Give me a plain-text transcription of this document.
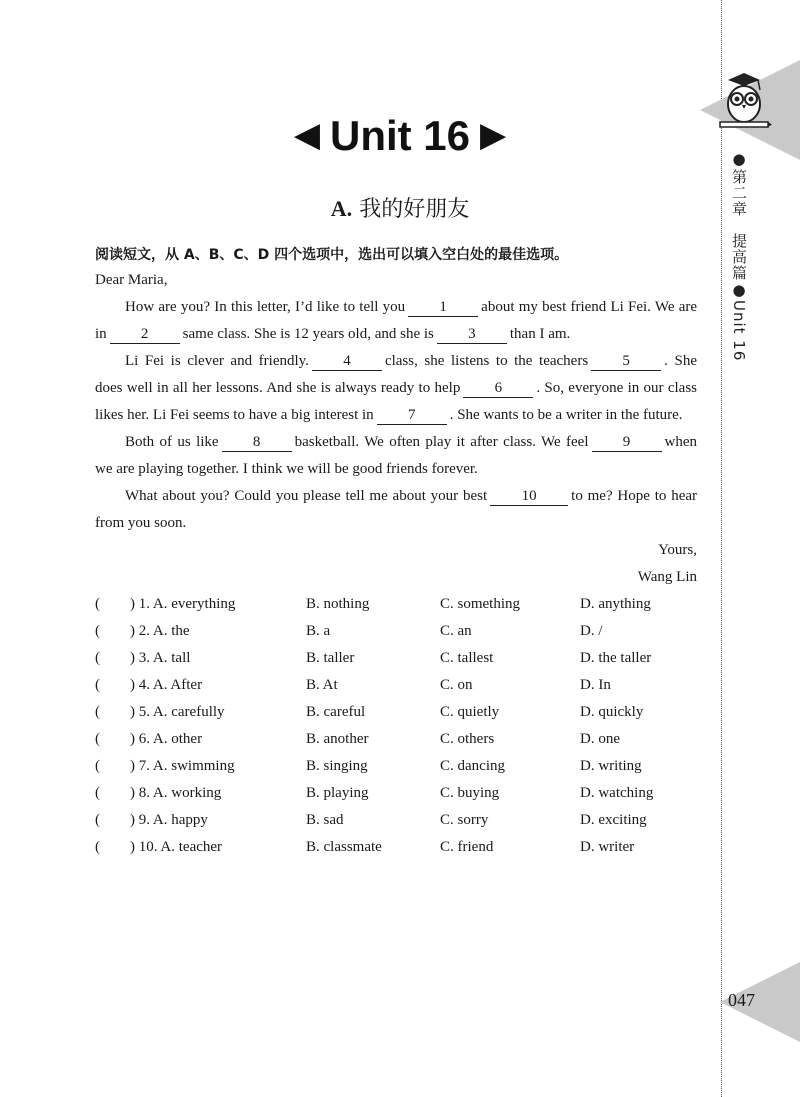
●第二章　提高篇●Unit 16
047
◀ Unit 16 ▶
A. 我的好朋友
阅读短文，从 A、B、C、D 四个选项中，选出可以填入空白处的最佳选项。

Dear Maria,

How are you? In this letter, I’d like to tell you 1 about my best friend Li Fei. We are in 2 same class. She is 12 years old, and she is 3 than I am.

Li Fei is clever and friendly. 4 class, she listens to the teachers 5 . She does well in all her lessons. And she is always ready to help 6 . So, everyone in our class likes her. Li Fei seems to have a big interest in 7 . She wants to be a writer in the future.

Both of us like 8 basketball. We often play it after class. We feel 9 when we are playing together. I think we will be good friends forever.

What about you? Could you please tell me about your best 10 to me? Hope to hear from you soon.

Yours,

Wang Lin

(　　) 1. A. everything	B. nothing	C. something	D. anything
(　　) 2. A. the	B. a	C. an	D. /
(　　) 3. A. tall	B. taller	C. tallest	D. the taller
(　　) 4. A. After	B. At	C. on	D. In
(　　) 5. A. carefully	B. careful	C. quietly	D. quickly
(　　) 6. A. other	B. another	C. others	D. one
(　　) 7. A. swimming	B. singing	C. dancing	D. writing
(　　) 8. A. working	B. playing	C. buying	D. watching
(　　) 9. A. happy	B. sad	C. sorry	D. exciting
(　　) 10. A. teacher	B. classmate	C. friend	D. writer
